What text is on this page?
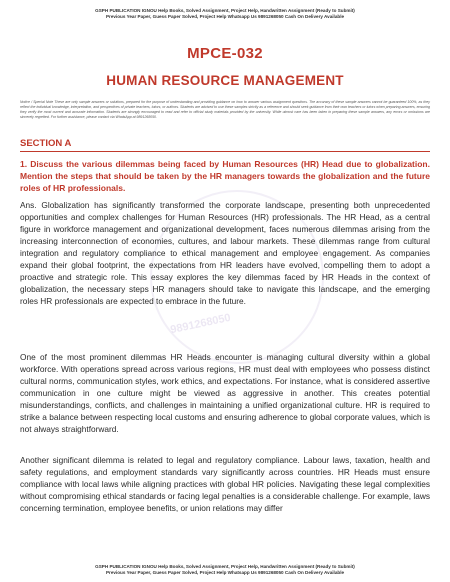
9891268050
GSPH PUBLICATION IGNOU Help Books, Solved Assignment, Project Help, Handwritten Assignment (Ready to Submit)
Previous Year Paper, Guess Paper Solved, Project Help Whatsapp Us 9891268050 Cash On Delivery Available
MPCE-032
HUMAN RESOURCE MANAGEMENT
Notice / Special Note These are only sample answers or solutions, prepared for the purpose of understanding and providing guidance on how to answer various assignment questions. The accuracy of these sample answers cannot be guaranteed 100%, as they reflect the individual knowledge, interpretation, and perspectives of private teachers, tutors, or authors. Students are advised to use these samples strictly as a reference and should seek guidance from their own teachers or tutors when preparing answers, ensuring they verify the most current and accurate information. Students are strongly encouraged to read and refer to official study materials provided by the university. While utmost care has been taken in preparing these sample answers, any errors or omissions are sincerely regretted. For further assistance, please contact via WhatsApp at 9891268050.
SECTION A
1. Discuss the various dilemmas being faced by Human Resources (HR) Head due to globalization. Mention the steps that should be taken by the HR managers towards the globalization and the future roles of HR professionals.
Ans. Globalization has significantly transformed the corporate landscape, presenting both unprecedented opportunities and complex challenges for Human Resources (HR) professionals. The HR Head, as a central figure in workforce management and organizational development, faces numerous dilemmas arising from the increasing interconnection of economies, cultures, and labour markets. These dilemmas range from cultural integration and regulatory compliance to ethical management and employee engagement. As companies expand their global footprint, the expectations from HR leaders have evolved, compelling them to adopt a proactive and strategic role. This essay explores the key dilemmas faced by HR Heads in the context of globalization, the necessary steps HR managers should take to navigate this landscape, and the emerging roles HR professionals are expected to embrace in the future.
One of the most prominent dilemmas HR Heads encounter is managing cultural diversity within a global workforce. With operations spread across various regions, HR must deal with employees who possess distinct cultural norms, communication styles, work ethics, and expectations. For instance, what is considered assertive communication in one culture might be viewed as aggressive in another. This creates potential misunderstandings, conflicts, and challenges in maintaining a unified organizational culture. HR is required to strike a balance between respecting local customs and ensuring adherence to global corporate values, which is not always straightforward.
Another significant dilemma is related to legal and regulatory compliance. Labour laws, taxation, health and safety regulations, and employment standards vary significantly across countries. HR Heads must ensure compliance with local laws while aligning practices with global HR policies. Navigating these legal complexities without compromising ethical standards or facing legal penalties is a considerable challenge. For example, laws concerning termination, employee benefits, or union relations may differ
GSPH PUBLICATION IGNOU Help Books, Solved Assignment, Project Help, Handwritten Assignment (Ready to Submit)
Previous Year Paper, Guess Paper Solved, Project Help Whatsapp Us 9891268050 Cash On Delivery Available
